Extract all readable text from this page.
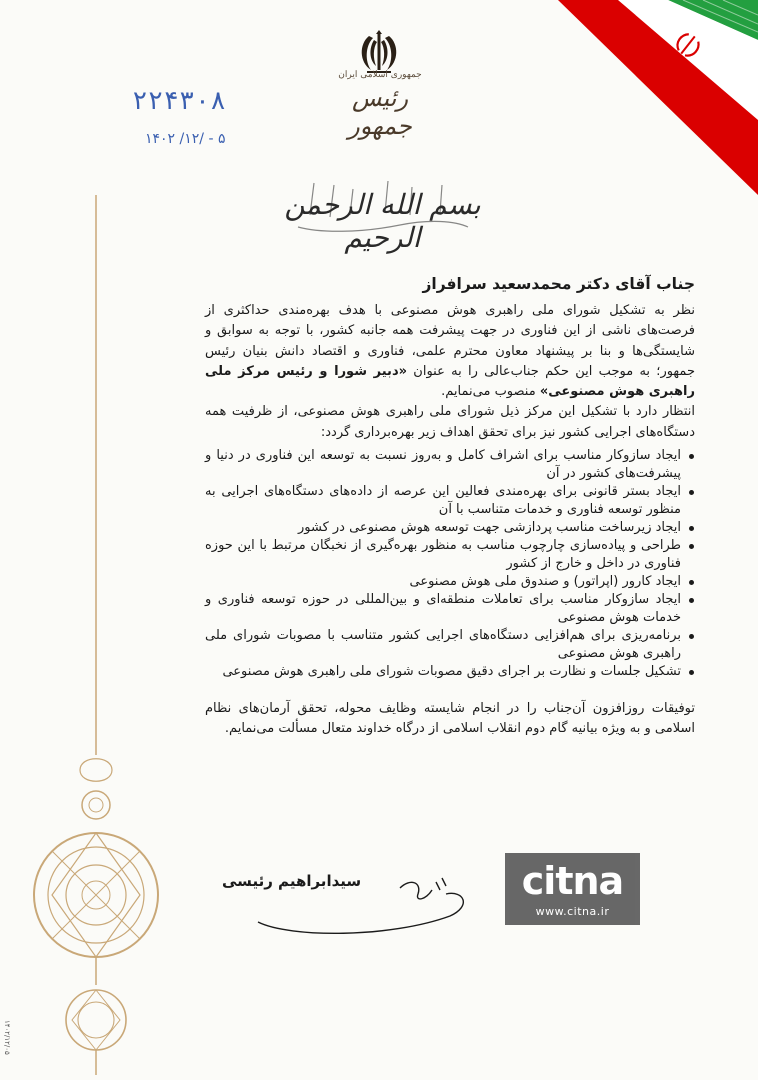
جمهوری اسلامی ایران
رئیس جمهور
۲۲۴۳۰۸
۱۴۰۲ /۱۲/ - ۵
بسم الله الرحمن الرحیم
۱۴۰۲/۱۲/۰۵

جناب آقای دکتر محمدسعید سرافراز

نظر به تشکیل شورای ملی راهبری هوش مصنوعی با هدف بهره‌مندی حداکثری از فرصت‌های ناشی از این فناوری در جهت پیشرفت همه جانبه کشور، با توجه به سوابق و شایستگی‌ها و بنا بر پیشنهاد معاون محترم علمی، فناوری و اقتصاد دانش بنیان رئیس جمهور؛ به موجب این حکم جناب‌عالی را به عنوان «دبیر شورا و رئیس مرکز ملی راهبری هوش مصنوعی» منصوب می‌نمایم.

انتظار دارد با تشکیل این مرکز ذیل شورای ملی راهبری هوش مصنوعی، از ظرفیت همه دستگاه‌های اجرایی کشور نیز برای تحقق اهداف زیر بهره‌برداری گردد:

ایجاد سازوکار مناسب برای اشراف کامل و به‌روز نسبت به توسعه این فناوری در دنیا و پیشرفت‌های کشور در آن
ایجاد بستر قانونی برای بهره‌مندی فعالین این عرصه از داده‌های دستگاه‌های اجرایی به منظور توسعه فناوری و خدمات متناسب با آن
ایجاد زیرساخت مناسب پردازشی جهت توسعه هوش مصنوعی در کشور
طراحی و پیاده‌سازی چارچوب مناسب به منظور بهره‌گیری از نخبگان مرتبط با این حوزه فناوری در داخل و خارج از کشور
ایجاد کارور (اپراتور) و صندوق ملی هوش مصنوعی
ایجاد سازوکار مناسب برای تعاملات منطقه‌ای و بین‌المللی در حوزه توسعه فناوری و خدمات هوش مصنوعی
برنامه‌ریزی برای هم‌افزایی دستگاه‌های اجرایی کشور متناسب با مصوبات شورای ملی راهبری هوش مصنوعی
تشکیل جلسات و نظارت بر اجرای دقیق مصوبات شورای ملی راهبری هوش مصنوعی

توفیقات روزافزون آن‌جناب را در انجام شایسته وظایف محوله، تحقق آرمان‌های نظام اسلامی و به ویژه بیانیه گام دوم انقلاب اسلامی از درگاه خداوند متعال مسألت می‌نمایم.

سیدابراهیم رئیسی	citna
www.citna.ir
